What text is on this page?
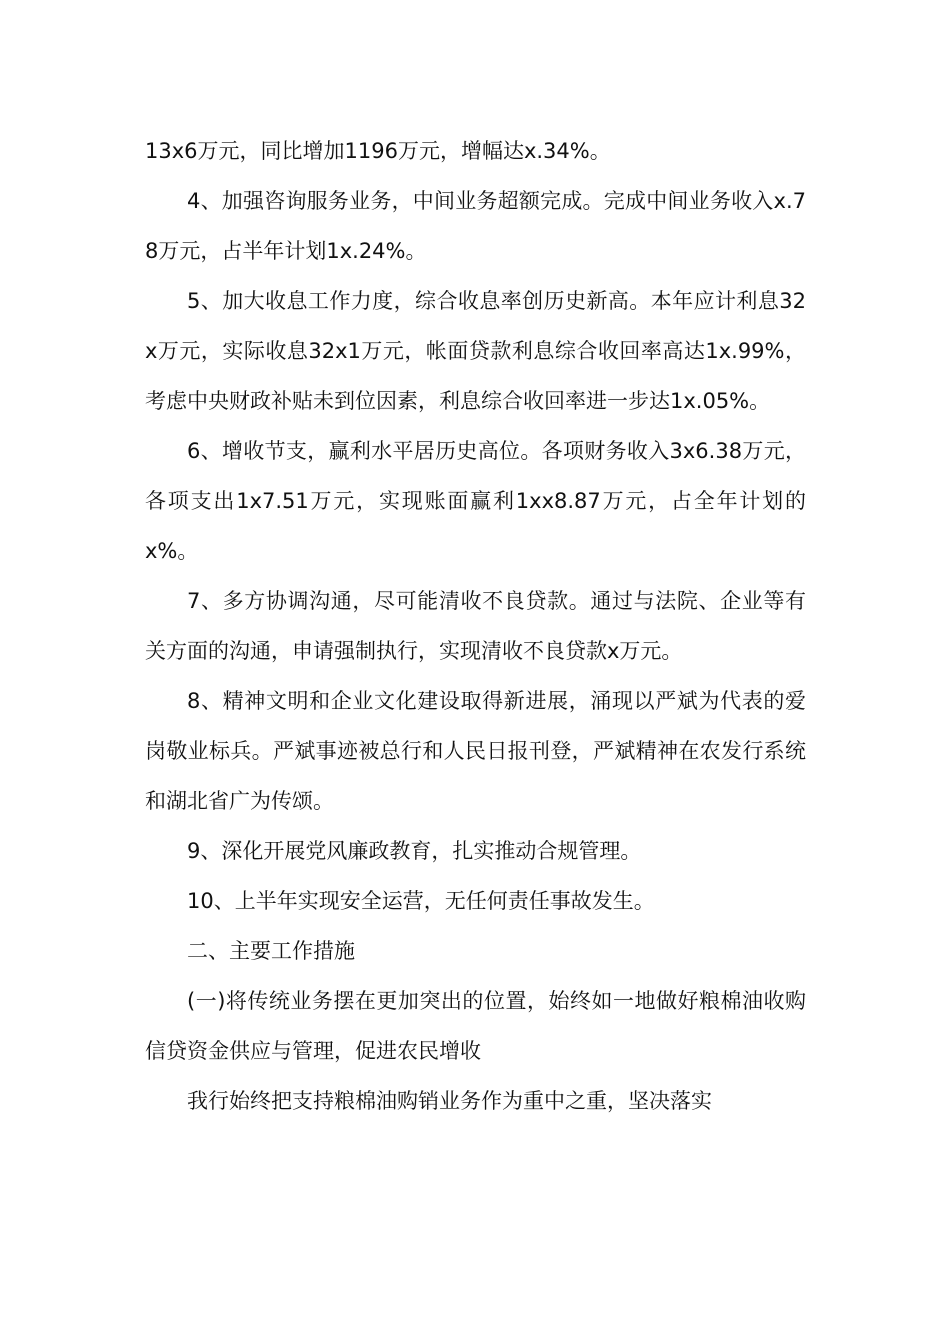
13x6万元，同比增加1196万元，增幅达x.34%。

4、加强咨询服务业务，中间业务超额完成。完成中间业务收入x.78万元，占半年计划1x.24%。

5、加大收息工作力度，综合收息率创历史新高。本年应计利息32x万元，实际收息32x1万元，帐面贷款利息综合收回率高达1x.99%，考虑中央财政补贴未到位因素，利息综合收回率进一步达1x.05%。

6、增收节支，赢利水平居历史高位。各项财务收入3x6.38万元，各项支出1x7.51万元，实现账面赢利1xx8.87万元，占全年计划的x%。

7、多方协调沟通，尽可能清收不良贷款。通过与法院、企业等有关方面的沟通，申请强制执行，实现清收不良贷款x万元。

8、精神文明和企业文化建设取得新进展，涌现以严斌为代表的爱岗敬业标兵。严斌事迹被总行和人民日报刊登，严斌精神在农发行系统和湖北省广为传颂。

9、深化开展党风廉政教育，扎实推动合规管理。

10、上半年实现安全运营，无任何责任事故发生。

二、主要工作措施

(一)将传统业务摆在更加突出的位置，始终如一地做好粮棉油收购信贷资金供应与管理，促进农民增收

我行始终把支持粮棉油购销业务作为重中之重，坚决落实
